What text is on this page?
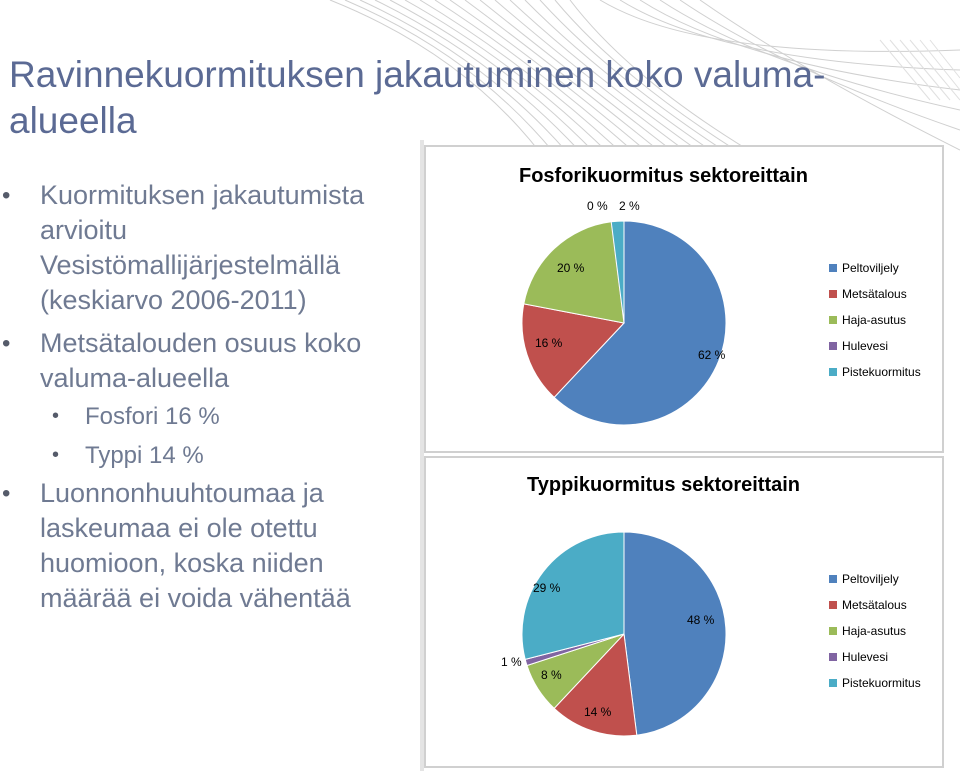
Ravinnekuormituksen jakautuminen koko valuma-alueella
• Kuormituksen jakautumista arvioitu Vesistömallijärjestelmällä (keskiarvo 2006-2011)
• Metsätalouden osuus koko valuma-alueella
• Fosfori 16 %
• Typpi 14 %
• Luonnonhuuhtoumaa ja laskeumaa ei ole otettu huomioon, koska niiden määrää ei voida vähentää
Fosforikuormitus sektoreittain
62 %
16 %
20 %
0 % 2 %
Peltoviljely
Metsätalous
Haja-asutus
Hulevesi
Pistekuormitus
Typpikuormitus sektoreittain
48 %
14 %
8 %
1 %
29 %
Peltoviljely
Metsätalous
Haja-asutus
Hulevesi
Pistekuormitus
